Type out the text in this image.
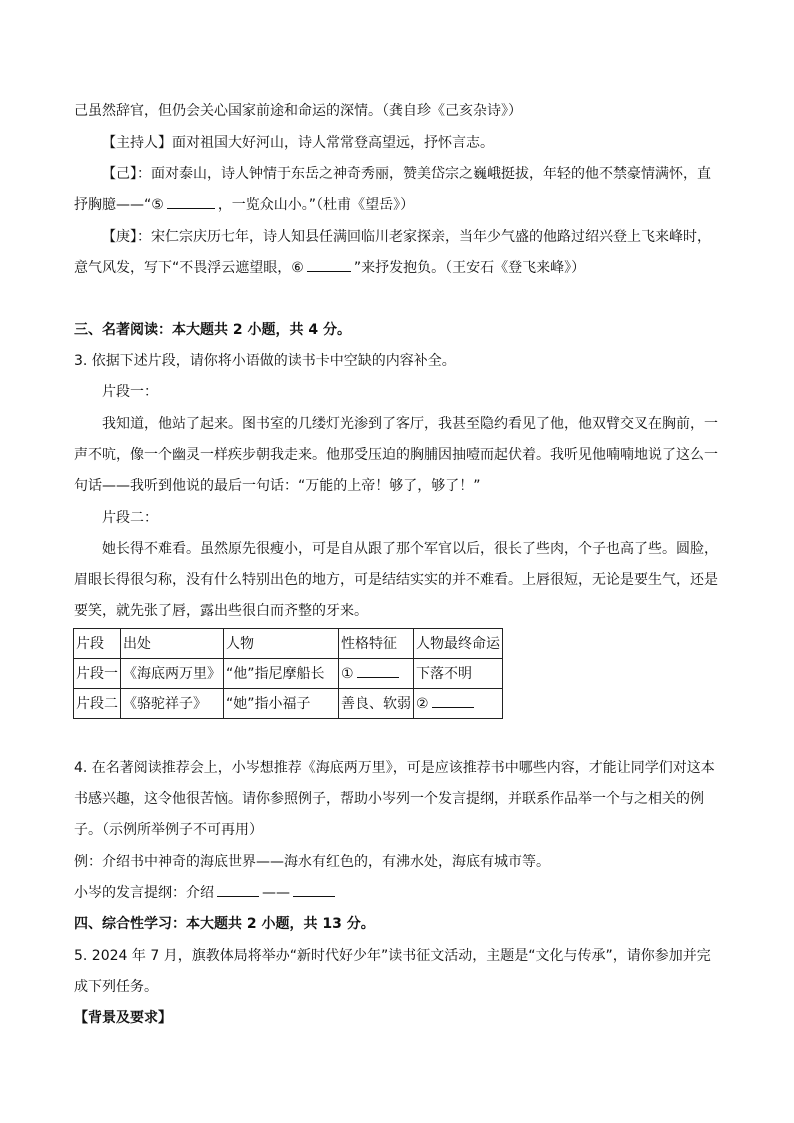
己虽然辞官，但仍会关心国家前途和命运的深情。（龚自珍《己亥杂诗》）
【主持人】面对祖国大好河山，诗人常常登高望远，抒怀言志。
【己】：面对泰山，诗人钟情于东岳之神奇秀丽，赞美岱宗之巍峨挺拔，年轻的他不禁豪情满怀，直
抒胸臆——“⑤	，一览众山小。”（杜甫《望岳》）
【庚】：宋仁宗庆历七年，诗人知县任满回临川老家探亲，当年少气盛的他路过绍兴登上飞来峰时，
意气风发，写下“不畏浮云遮望眼，⑥	”来抒发抱负。（王安石《登飞来峰》）
三、名著阅读：本大题共 2 小题，共 4 分。
3. 依据下述片段，请你将小语做的读书卡中空缺的内容补全。
片段一：
我知道，他站了起来。图书室的几缕灯光渗到了客厅，我甚至隐约看见了他，他双臂交叉在胸前，一
声不吭，像一个幽灵一样疾步朝我走来。他那受压迫的胸脯因抽噎而起伏着。我听见他喃喃地说了这么一
句话——我听到他说的最后一句话：“万能的上帝！够了，够了！”
片段二：
她长得不难看。虽然原先很瘦小，可是自从跟了那个军官以后，很长了些肉，个子也高了些。圆脸，
眉眼长得很匀称，没有什么特别出色的地方，可是结结实实的并不难看。上唇很短，无论是要生气，还是
要笑，就先张了唇，露出些很白而齐整的牙来。
片段	出处	人物	性格特征	人物最终命运
片段一	《海底两万里》	“他”指尼摩船长	①	下落不明
片段二	《骆驼祥子》	“她”指小福子	善良、软弱	②
4. 在名著阅读推荐会上，小岑想推荐《海底两万里》，可是应该推荐书中哪些内容，才能让同学们对这本
书感兴趣，这令他很苦恼。请你参照例子，帮助小岑列一个发言提纲，并联系作品举一个与之相关的例
子。（示例所举例子不可再用）
例：介绍书中神奇的海底世界——海水有红色的，有沸水处，海底有城市等。
小岑的发言提纲：介绍	——
四、综合性学习：本大题共 2 小题，共 13 分。
5. 2024 年 7 月，旗教体局将举办“新时代好少年”读书征文活动，主题是“文化与传承”，请你参加并完
成下列任务。
【背景及要求】
